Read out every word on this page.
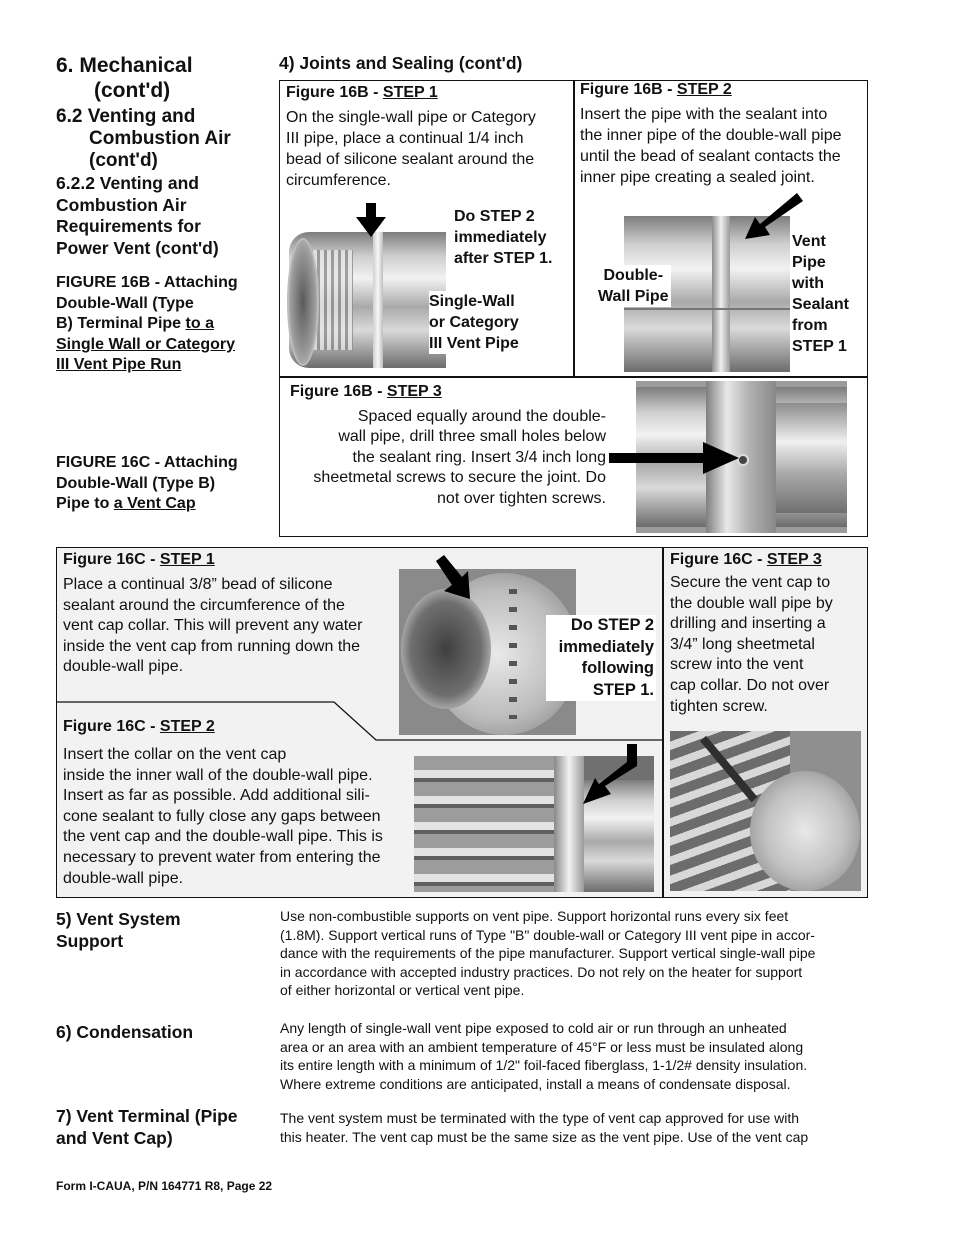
6. Mechanical
(cont'd)
6.2 Venting and
Combustion Air
(cont'd)
6.2.2 Venting and
Combustion Air
Requirements for
Power Vent (cont'd)
FIGURE 16B - Attaching
Double-Wall (Type
B) Terminal Pipe to a
Single Wall or Category
III Vent Pipe Run
FIGURE 16C - Attaching
Double-Wall (Type B)
Pipe to a Vent Cap
4) Joints and Sealing (cont'd)
Figure 16B - STEP 1
On the single-wall pipe or Category
III pipe, place a continual 1/4 inch
bead of silicone sealant around the
circumference.
Do STEP 2
immediately
after STEP 1.
Single-Wall
or Category
III Vent Pipe
Figure 16B - STEP 2
Insert the pipe with the sealant into
the inner pipe of the double-wall pipe
until the bead of sealant contacts the
inner pipe creating a sealed joint.
Double-
Wall Pipe
Vent
Pipe
with
Sealant
from
STEP 1
Figure 16B - STEP 3
Spaced equally around the double-
wall pipe, drill three small holes below
the sealant ring. Insert 3/4 inch long
sheetmetal screws to secure the joint. Do
not over tighten screws.
Figure 16C - STEP 1
Place a continual 3/8” bead of silicone
sealant around the circumference of the
vent cap collar. This will prevent any water
inside the vent cap from running down the
double-wall pipe.
Do STEP 2
immediately
following
STEP 1.
Figure 16C - STEP 2
Insert the collar on the vent cap
inside the inner wall of the double-wall pipe.
Insert as far as possible. Add additional sili-
cone sealant to fully close any gaps between
the vent cap and the double-wall pipe. This is
necessary to prevent water from entering the
double-wall pipe.
Figure 16C - STEP 3
Secure the vent cap to
the double wall pipe by
drilling and inserting a
3/4” long sheetmetal
screw into the vent
cap collar. Do not over
tighten screw.
5) Vent System
Support
Use non-combustible supports on vent pipe. Support horizontal runs every six feet
(1.8M). Support vertical runs of Type "B" double-wall or Category III vent pipe in accor-
dance with the requirements of the pipe manufacturer. Support vertical single-wall pipe
in accordance with accepted industry practices. Do not rely on the heater for support
of either horizontal or vertical vent pipe.
6) Condensation	Any length of single-wall vent pipe exposed to cold air or run through an unheated
area or an area with an ambient temperature of 45°F or less must be insulated along
its entire length with a minimum of 1/2" foil-faced fiberglass, 1-1/2# density insulation.
Where extreme conditions are anticipated, install a means of condensate disposal.
7) Vent Terminal (Pipe
and Vent Cap)
The vent system must be terminated with the type of vent cap approved for use with
this heater. The vent cap must be the same size as the vent pipe. Use of the vent cap
Form I-CAUA, P/N 164771 R8, Page 22
